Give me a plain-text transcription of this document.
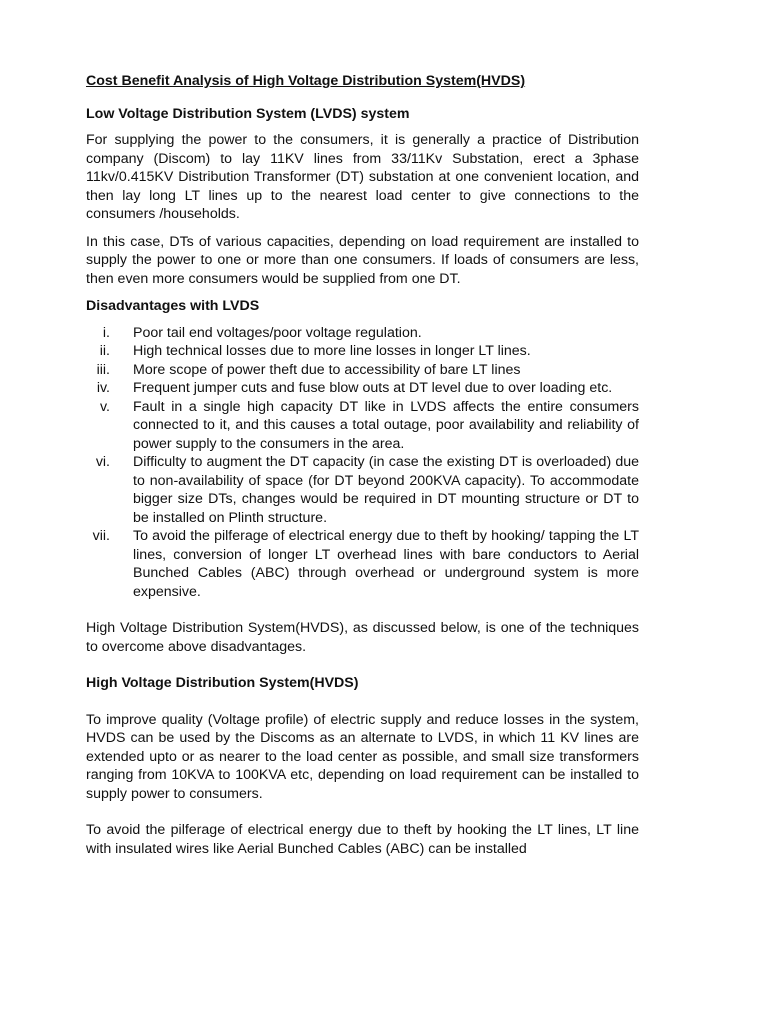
Cost Benefit Analysis of High Voltage Distribution System(HVDS)
Low Voltage Distribution System (LVDS) system

For supplying the power to the consumers, it is generally a practice of Distribution company (Discom) to lay 11KV lines from 33/11Kv Substation, erect a 3phase 11kv/0.415KV Distribution Transformer (DT) substation at one convenient location, and then lay long LT lines up to the nearest load center to give connections to the consumers /households.

In this case, DTs of various capacities, depending on load requirement are installed to supply the power to one or more than one consumers. If loads of consumers are less, then even more consumers would be supplied from one DT.

Disadvantages with LVDS
i. Poor tail end voltages/poor voltage regulation.
ii. High technical losses due to more line losses in longer LT lines.
iii. More scope of power theft due to accessibility of bare LT lines
iv. Frequent jumper cuts and fuse blow outs at DT level due to over loading etc.
v. Fault in a single high capacity DT like in LVDS affects the entire consumers connected to it, and this causes a total outage, poor availability and reliability of power supply to the consumers in the area.
vi. Difficulty to augment the DT capacity (in case the existing DT is overloaded) due to non-availability of space (for DT beyond 200KVA capacity). To accommodate bigger size DTs, changes would be required in DT mounting structure or DT to be installed on Plinth structure.
vii. To avoid the pilferage of electrical energy due to theft by hooking/ tapping the LT lines, conversion of longer LT overhead lines with bare conductors to Aerial Bunched Cables (ABC) through overhead or underground system is more expensive.

High Voltage Distribution System(HVDS), as discussed below, is one of the techniques to overcome above disadvantages.

High Voltage Distribution System(HVDS)

To improve quality (Voltage profile) of electric supply and reduce losses in the system, HVDS can be used by the Discoms as an alternate to LVDS, in which 11 KV lines are extended upto or as nearer to the load center as possible, and small size transformers ranging from 10KVA to 100KVA etc, depending on load requirement can be installed to supply power to consumers.

To avoid the pilferage of electrical energy due to theft by hooking the LT lines, LT line with insulated wires like Aerial Bunched Cables (ABC) can be installed
